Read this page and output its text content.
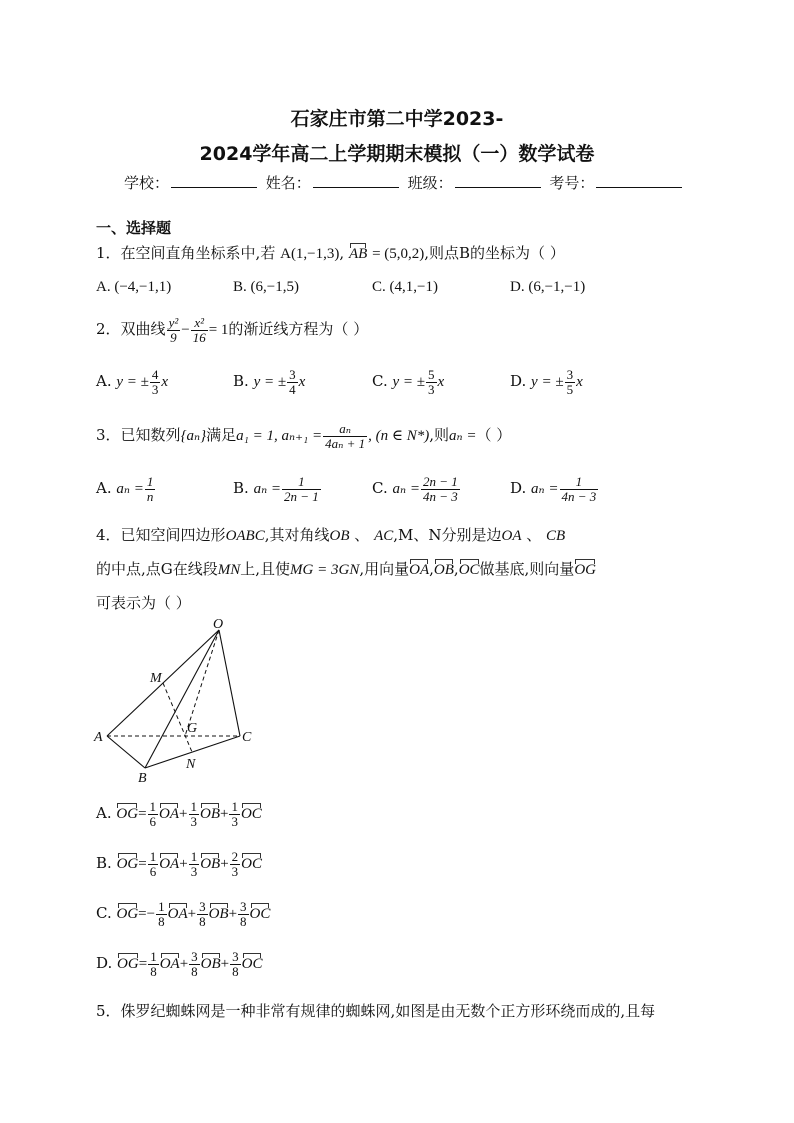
石家庄市第二中学2023-
2024学年高二上学期期末模拟（一）数学试卷
学校：	姓名：	班级：	考号：
一、选择题
1．在空间直角坐标系中,若 A(1,−1,3), AB = (5,0,2),则点B的坐标为（ ）
A. (−4,−1,1)	B. (6,−1,5)	C. (4,1,−1)	D. (6,−1,−1)
2．双曲线 $\frac{\text{y²}}{9} - \frac{\text{x²}}{16} = 1$的渐近线方程为（ ）
A. y = ± $\frac{4}{3}$ x	B. y = ± $\frac{3}{4}$ x	C. y = ± $\frac{5}{3}$ x	D. y = ± $\frac{3}{5}$ x
3．已知数列{aₙ}满足a₁ = 1, $a_{n+1} = \frac{\text{aₙ}}{\text{4aₙ + 1}}$ , (n ∈ N*),则aₙ =（ ）
A. $a_n = \frac{1}{n}$	B. $a_n = \frac{1}{2n - 1}$	C. $a_n = \frac{2n - 1}{4n - 3}$	D. $a_n = \frac{1}{4n - 3}$
4．已知空间四边形OABC,其对角线OB 、 AC,M、N分别是边OA 、 CB
的中点,点G在线段MN上,且使MG = 3GN,用向量OA,OB,OC做基底,则向量OG
可表示为（ ）
O
M
A
G
C
B
N
A. $OG= \frac{1}{6} OA+ \frac{1}{3} OB+ \frac{1}{3}$ OC
B. $OG= \frac{1}{6} OA+ \frac{1}{3} OB+ \frac{2}{3}$ OC
C. $OG=- \frac{1}{8} OA+ \frac{3}{8} OB+ \frac{3}{8}$ OC
D. $OG= \frac{1}{8} OA+ \frac{3}{8} OB+ \frac{3}{8}$ OC
5．侏罗纪蜘蛛网是一种非常有规律的蜘蛛网,如图是由无数个正方形环绕而成的,且每
